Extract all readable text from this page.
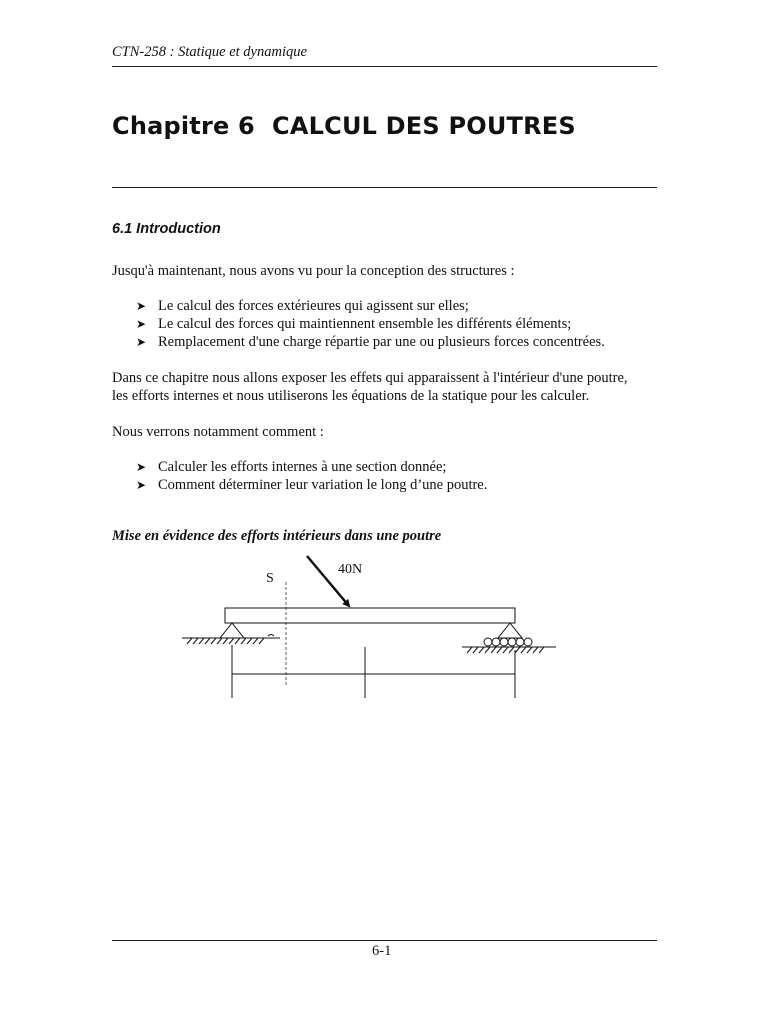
CTN-258 : Statique et dynamique
Chapitre 6  CALCUL DES POUTRES
6.1 Introduction
Jusqu'à maintenant, nous avons vu pour la conception des structures :
➤ Le calcul des forces extérieures qui agissent sur elles;
➤ Le calcul des forces qui maintiennent ensemble les différents éléments;
➤ Remplacement d'une charge répartie par une ou plusieurs forces concentrées.
Dans ce chapitre nous allons exposer les effets qui apparaissent à l'intérieur d'une poutre,
les efforts internes et nous utiliserons les équations de la statique pour les calculer.
Nous verrons notamment comment :
➤ Calculer les efforts internes à une section donnée;
➤ Comment déterminer leur variation le long d’une poutre.
Mise en évidence des efforts intérieurs dans une poutre
S
40N
6-1
